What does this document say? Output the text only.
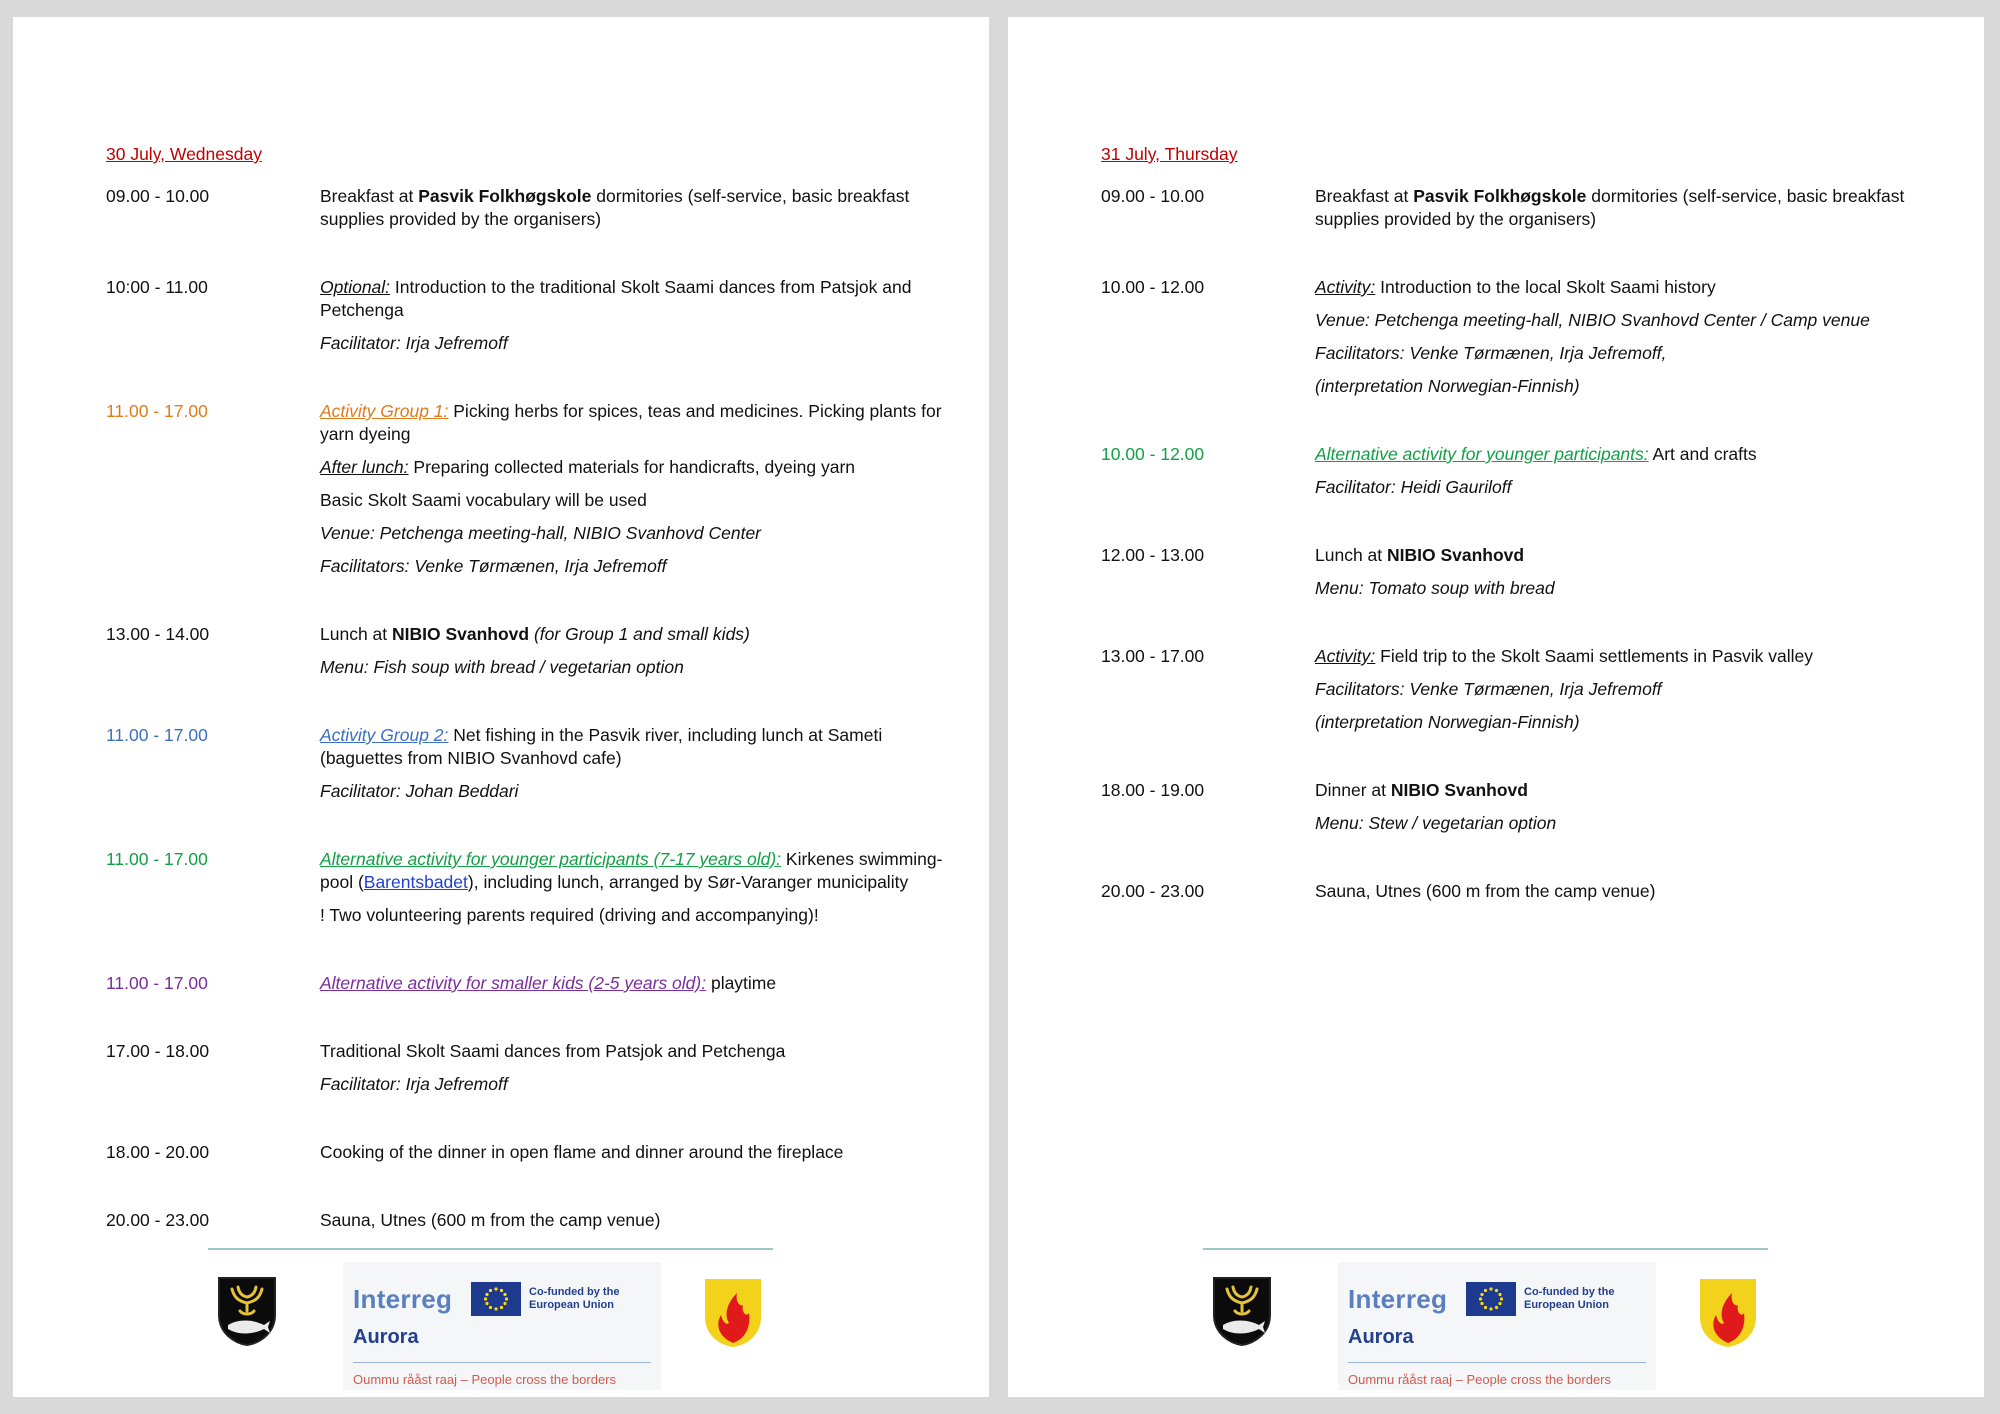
30 July, Wednesday
09.00 - 10.00	Breakfast at Pasvik Folkhøgskole dormitories (self-service, basic breakfast supplies provided by the organisers)
10:00 - 11.00	Optional: Introduction to the traditional Skolt Saami dances from Patsjok and Petchenga
Facilitator: Irja Jefremoff
11.00 - 17.00	Activity Group 1: Picking herbs for spices, teas and medicines. Picking plants for yarn dyeing
After lunch: Preparing collected materials for handicrafts, dyeing yarn
Basic Skolt Saami vocabulary will be used
Venue: Petchenga meeting-hall, NIBIO Svanhovd Center
Facilitators: Venke Tørmænen, Irja Jefremoff
13.00 - 14.00	Lunch at NIBIO Svanhovd (for Group 1 and small kids)
Menu: Fish soup with bread / vegetarian option
11.00 - 17.00	Activity Group 2: Net fishing in the Pasvik river, including lunch at Sameti (baguettes from NIBIO Svanhovd cafe)
Facilitator: Johan Beddari
11.00 - 17.00	Alternative activity for younger participants (7-17 years old): Kirkenes swimming-pool (Barentsbadet), including lunch, arranged by Sør-Varanger municipality
! Two volunteering parents required (driving and accompanying)!
11.00 - 17.00	Alternative activity for smaller kids (2-5 years old): playtime
17.00 - 18.00	Traditional Skolt Saami dances from Patsjok and Petchenga
Facilitator: Irja Jefremoff
18.00 - 20.00	Cooking of the dinner in open flame and dinner around the fireplace
20.00 - 23.00	Sauna, Utnes (600 m from the camp venue)
Interreg	Co-funded by the European Union
Aurora
Oummu rååst raaj – People cross the borders
31 July, Thursday
09.00 - 10.00	Breakfast at Pasvik Folkhøgskole dormitories (self-service, basic breakfast supplies provided by the organisers)
10.00 - 12.00	Activity: Introduction to the local Skolt Saami history
Venue: Petchenga meeting-hall, NIBIO Svanhovd Center / Camp venue
Facilitators: Venke Tørmænen, Irja Jefremoff,
(interpretation Norwegian-Finnish)
10.00 - 12.00	Alternative activity for younger participants: Art and crafts
Facilitator: Heidi Gauriloff
12.00 - 13.00	Lunch at NIBIO Svanhovd
Menu: Tomato soup with bread
13.00 - 17.00	Activity: Field trip to the Skolt Saami settlements in Pasvik valley
Facilitators: Venke Tørmænen, Irja Jefremoff
(interpretation Norwegian-Finnish)
18.00 - 19.00	Dinner at NIBIO Svanhovd
Menu: Stew / vegetarian option
20.00 - 23.00	Sauna, Utnes (600 m from the camp venue)
Interreg	Co-funded by the European Union
Aurora
Oummu rååst raaj – People cross the borders
